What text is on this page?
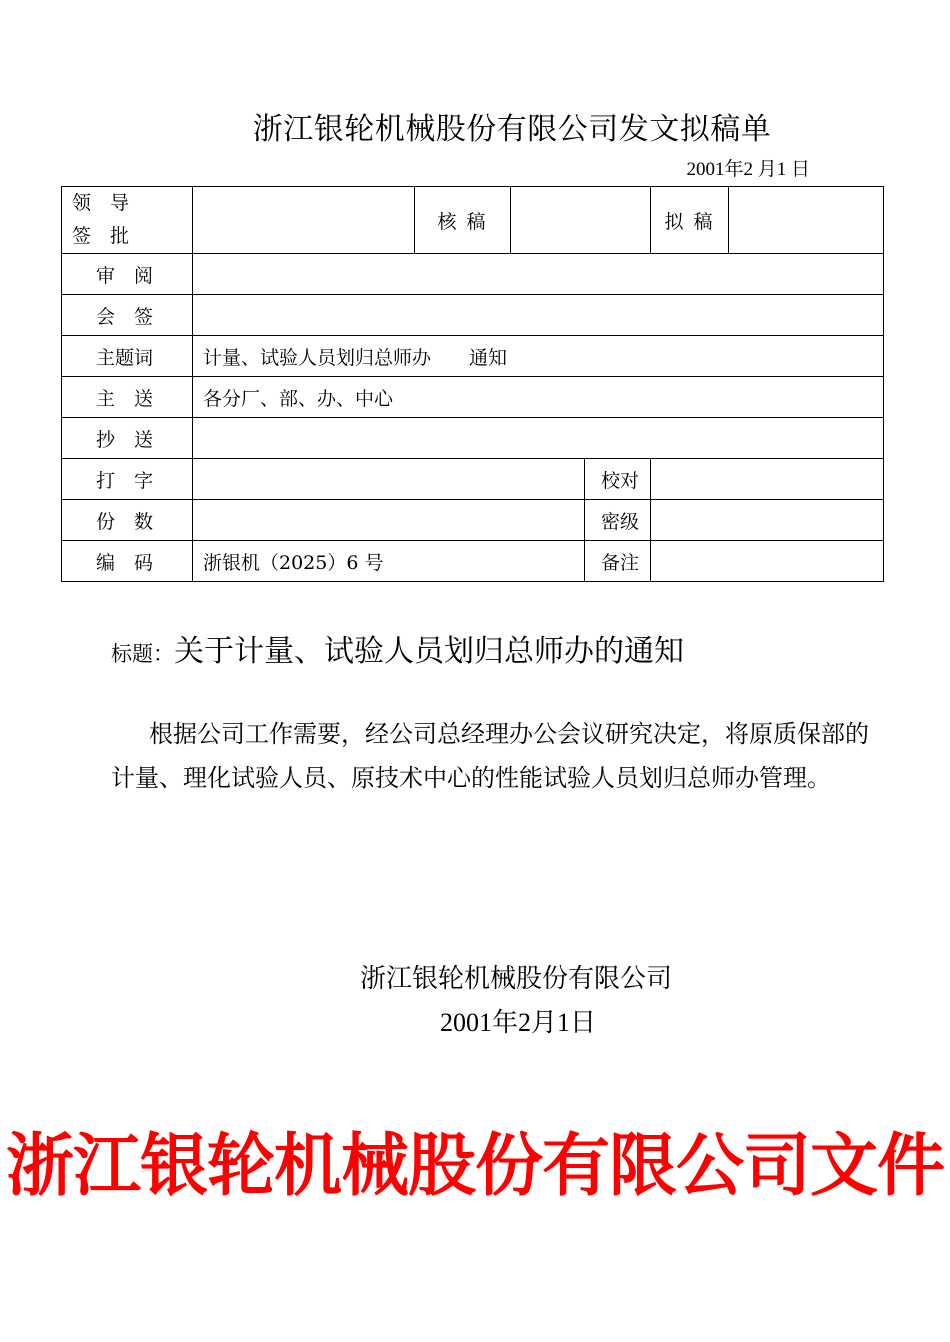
浙江银轮机械股份有限公司发文拟稿单
2001年2 月1 日
领　导
签　批		核 稿			拟 稿	
审　阅						
会　签						
主题词	计量、试验人员划归总师办　　通知					
主　送	各分厂、部、办、中心					
抄　送						
打　字				校对		
份　数				密级		
编　码	浙银机（2025）6 号			备注		
标题：关于计量、试验人员划归总师办的通知
根据公司工作需要，经公司总经理办公会议研究决定，将原质保部的计量、理化试验人员、原技术中心的性能试验人员划归总师办管理。
浙江银轮机械股份有限公司
2001年2月1日
浙江银轮机械股份有限公司文件
